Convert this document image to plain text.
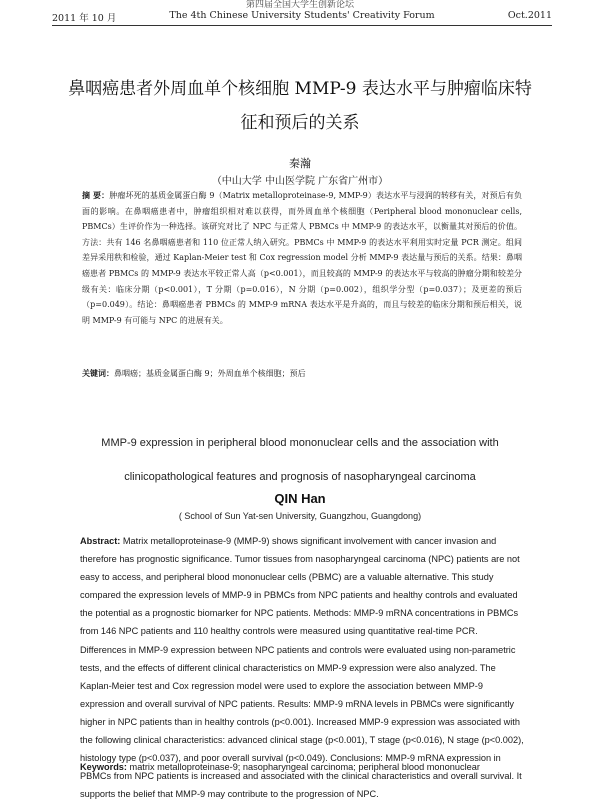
第四届全国大学生创新论坛
The 4th Chinese University Students' Creativity Forum
2011 年 10 月	Oct.2011
鼻咽癌患者外周血单个核细胞 MMP-9 表达水平与肿瘤临床特征和预后的关系
秦瀚
（中山大学 中山医学院 广东省广州市）
摘 要：肿瘤坏死的基质金属蛋白酶 9（Matrix metalloproteinase-9, MMP-9）表达水平与浸润的转移有关，对预后有负面的影响。在鼻咽癌患者中，肿瘤组织相对难以获得，而外周血单个核细胞（Peripheral blood mononuclear cells, PBMCs）生评价作为一种选择。该研究对比了 NPC 与正常人 PBMCs 中 MMP-9 的表达水平，以衡量其对预后的价值。方法：共有 146 名鼻咽癌患者和 110 位正常人纳入研究。PBMCs 中 MMP-9 的表达水平利用实时定量 PCR 测定。组间差异采用秩和检验，通过 Kaplan-Meier test 和 Cox regression model 分析 MMP-9 表达量与预后的关系。结果：鼻咽癌患者 PBMCs 的 MMP-9 表达水平较正常人高（p<0.001），而且较高的 MMP-9 的表达水平与较高的肿瘤分期和较差分级有关：临床分期（p<0.001），T 分期（p=0.016），N 分期（p=0.002），组织学分型（p=0.037）；及更差的预后（p=0.049）。结论：鼻咽癌患者 PBMCs 的 MMP-9 mRNA 表达水平是升高的，而且与较差的临床分期和预后相关，说明 MMP-9 有可能与 NPC 的进展有关。
关键词：鼻咽癌；基质金属蛋白酶 9；外周血单个核细胞；预后
MMP-9 expression in peripheral blood mononuclear cells and the association with
clinicopathological features and prognosis of nasopharyngeal carcinoma
QIN Han
( School of Sun Yat-sen University, Guangzhou, Guangdong)
Abstract: Matrix metalloproteinase-9 (MMP-9) shows significant involvement with cancer invasion and therefore has prognostic significance. Tumor tissues from nasopharyngeal carcinoma (NPC) patients are not easy to access, and peripheral blood mononuclear cells (PBMC) are a valuable alternative. This study compared the expression levels of MMP-9 in PBMCs from NPC patients and healthy controls and evaluated the potential as a prognostic biomarker for NPC patients. Methods: MMP-9 mRNA concentrations in PBMCs from 146 NPC patients and 110 healthy controls were measured using quantitative real-time PCR. Differences in MMP-9 expression between NPC patients and controls were evaluated using non-parametric tests, and the effects of different clinical characteristics on MMP-9 expression were also analyzed. The Kaplan-Meier test and Cox regression model were used to explore the association between MMP-9 expression and overall survival of NPC patients. Results: MMP-9 mRNA levels in PBMCs were significantly higher in NPC patients than in healthy controls (p<0.001). Increased MMP-9 expression was associated with the following clinical characteristics: advanced clinical stage (p<0.001), T stage (p<0.016), N stage (p<0.002), histology type (p<0.037), and poor overall survival (p<0.049). Conclusions: MMP-9 mRNA expression in PBMCs from NPC patients is increased and associated with the clinical characteristics and overall survival. It supports the belief that MMP-9 may contribute to the progression of NPC.
Keywords: matrix metalloproteinase-9; nasopharyngeal carcinoma; peripheral blood mononuclear
